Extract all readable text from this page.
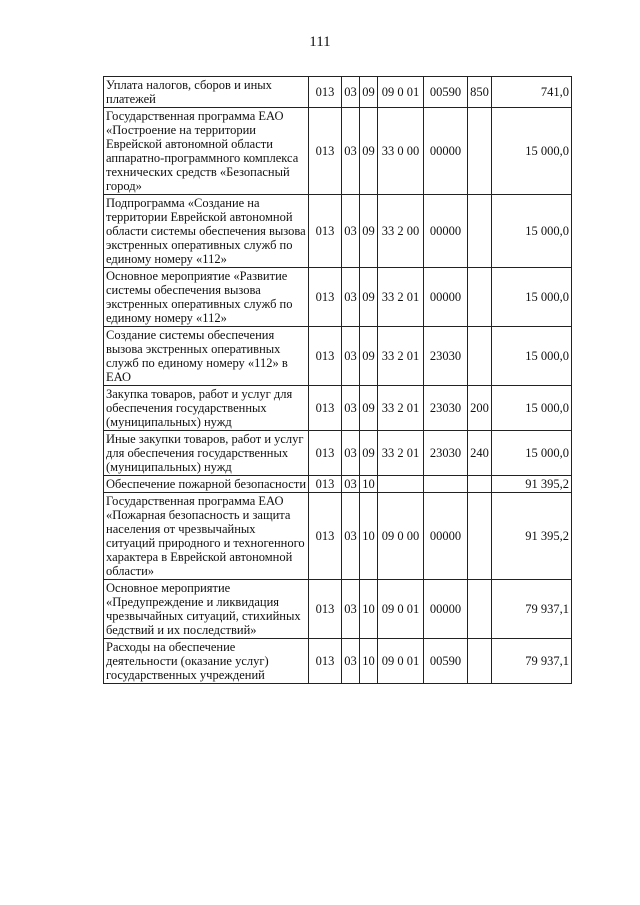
111
Уплата налогов, сборов и иных платежей	013	03	09	09 0 01	00590	850	741,0
Государственная программа ЕАО «Построение на территории Еврейской автономной области аппаратно-программного комплекса технических средств «Безопасный город»	013	03	09	33 0 00	00000		15 000,0
Подпрограмма «Создание на территории Еврейской автономной области системы обеспечения вызова экстренных оперативных служб по единому номеру «112»	013	03	09	33 2 00	00000		15 000,0
Основное мероприятие «Развитие системы обеспечения вызова экстренных оперативных служб по единому номеру «112»	013	03	09	33 2 01	00000		15 000,0
Создание системы обеспечения вызова экстренных оперативных служб по единому номеру «112» в ЕАО	013	03	09	33 2 01	23030		15 000,0
Закупка товаров, работ и услуг для обеспечения государственных (муниципальных) нужд	013	03	09	33 2 01	23030	200	15 000,0
Иные закупки товаров, работ и услуг для обеспечения государственных (муниципальных) нужд	013	03	09	33 2 01	23030	240	15 000,0
Обеспечение пожарной безопасности	013	03	10				91 395,2
Государственная программа ЕАО «Пожарная безопасность и защита населения от чрезвычайных ситуаций природного и техногенного характера в Еврейской автономной области»	013	03	10	09 0 00	00000		91 395,2
Основное мероприятие «Предупреждение и ликвидация чрезвычайных ситуаций, стихийных бедствий и их последствий»	013	03	10	09 0 01	00000		79 937,1
Расходы на обеспечение деятельности (оказание услуг) государственных учреждений	013	03	10	09 0 01	00590		79 937,1
